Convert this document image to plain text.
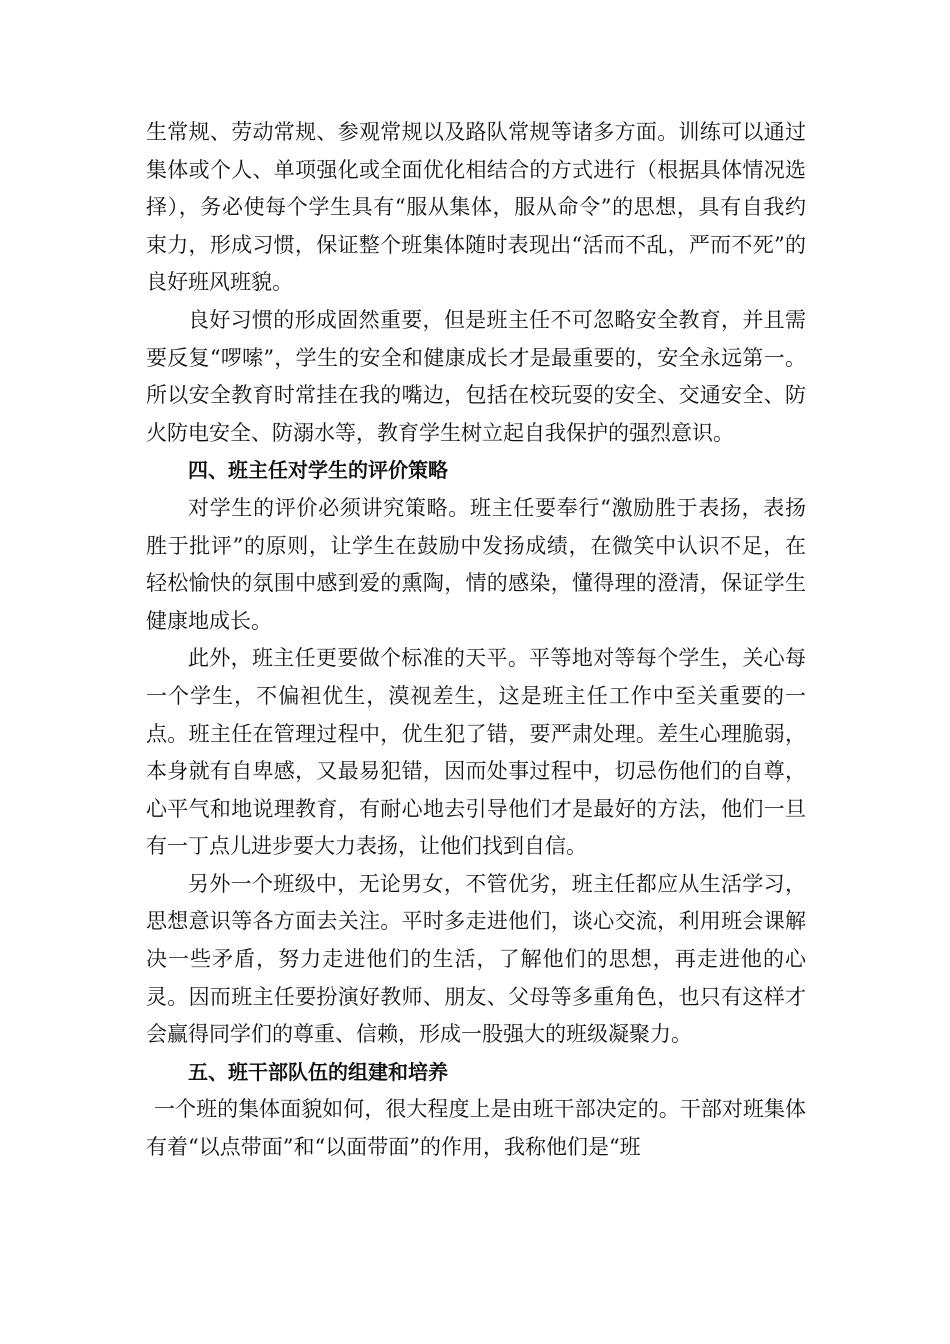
生常规、劳动常规、参观常规以及路队常规等诸多方面。训练可以通过集体或个人、单项强化或全面优化相结合的方式进行（根据具体情况选择），务必使每个学生具有“服从集体，服从命令”的思想，具有自我约束力，形成习惯，保证整个班集体随时表现出“活而不乱，严而不死”的良好班风班貌。

良好习惯的形成固然重要，但是班主任不可忽略安全教育，并且需要反复“啰嗦”，学生的安全和健康成长才是最重要的，安全永远第一。所以安全教育时常挂在我的嘴边，包括在校玩耍的安全、交通安全、防火防电安全、防溺水等，教育学生树立起自我保护的强烈意识。

四、班主任对学生的评价策略

对学生的评价必须讲究策略。班主任要奉行“激励胜于表扬，表扬胜于批评”的原则，让学生在鼓励中发扬成绩，在微笑中认识不足，在轻松愉快的氛围中感到爱的熏陶，情的感染，懂得理的澄清，保证学生健康地成长。

此外，班主任更要做个标准的天平。平等地对等每个学生，关心每一个学生，不偏袒优生，漠视差生，这是班主任工作中至关重要的一点。班主任在管理过程中，优生犯了错，要严肃处理。差生心理脆弱，本身就有自卑感，又最易犯错，因而处事过程中，切忌伤他们的自尊，心平气和地说理教育，有耐心地去引导他们才是最好的方法，他们一旦有一丁点儿进步要大力表扬，让他们找到自信。

另外一个班级中，无论男女，不管优劣，班主任都应从生活学习，思想意识等各方面去关注。平时多走进他们，谈心交流，利用班会课解决一些矛盾，努力走进他们的生活，了解他们的思想，再走进他的心灵。因而班主任要扮演好教师、朋友、父母等多重角色，也只有这样才会赢得同学们的尊重、信赖，形成一股强大的班级凝聚力。

五、班干部队伍的组建和培养

一个班的集体面貌如何，很大程度上是由班干部决定的。干部对班集体有着“以点带面”和“以面带面”的作用，我称他们是“班
